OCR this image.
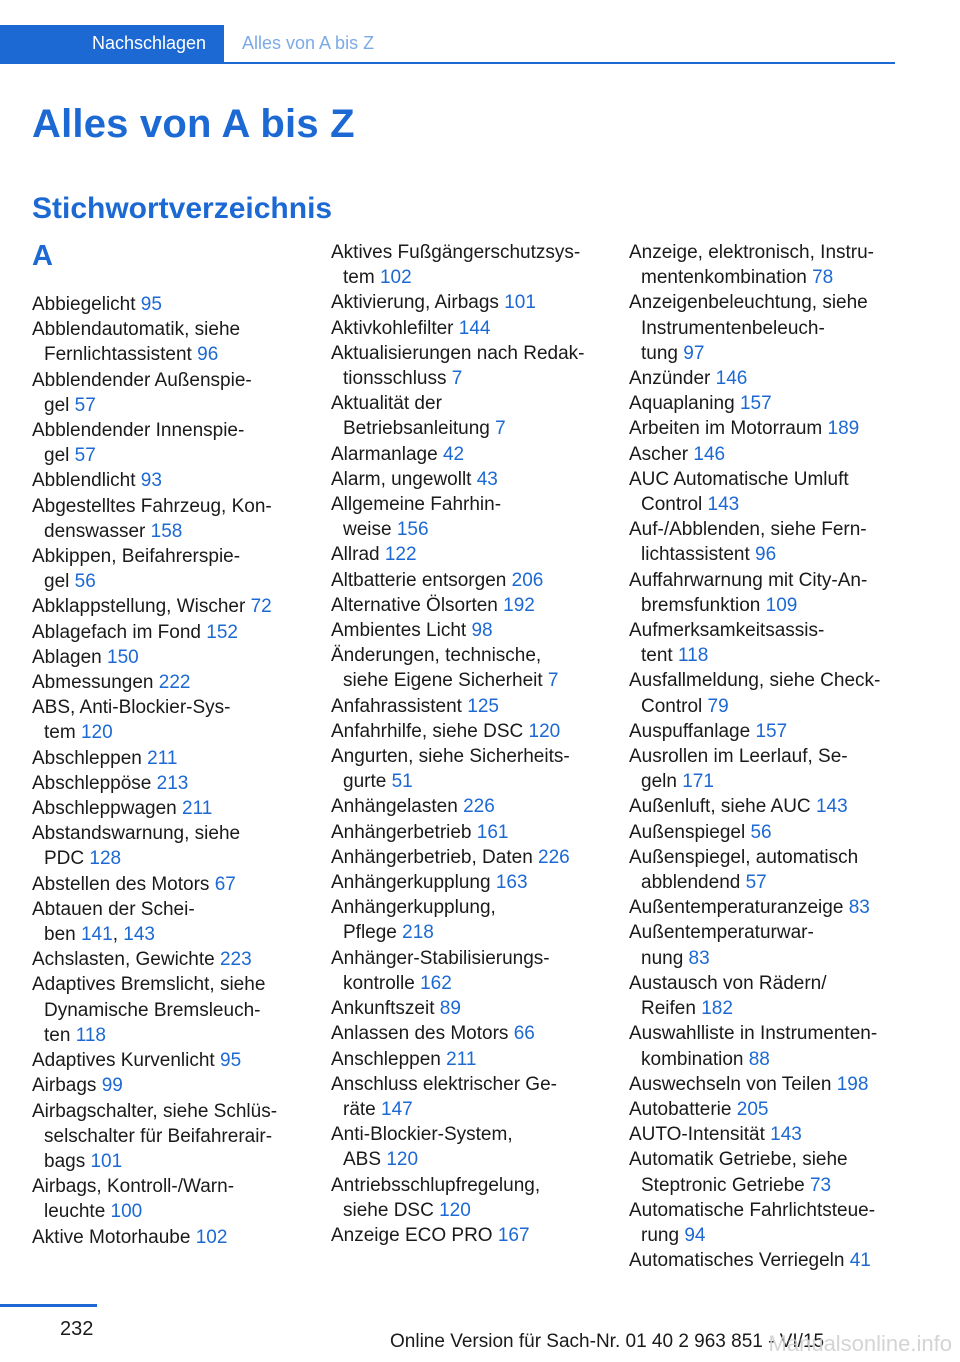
Nachschlagen Alles von A bis Z
Alles von A bis Z
Stichwortverzeichnis
A
Abbiegelicht 95
Abblendautomatik, siehe
Fernlichtassistent 96
Abblendender Außenspie-
gel 57
Abblendender Innenspie-
gel 57
Abblendlicht 93
Abgestelltes Fahrzeug, Kon-
denswasser 158
Abkippen, Beifahrerspie-
gel 56
Abklappstellung, Wischer 72
Ablagefach im Fond 152
Ablagen 150
Abmessungen 222
ABS, Anti-Blockier-Sys-
tem 120
Abschleppen 211
Abschleppöse 213
Abschleppwagen 211
Abstandswarnung, siehe
PDC 128
Abstellen des Motors 67
Abtauen der Schei-
ben 141, 143
Achslasten, Gewichte 223
Adaptives Bremslicht, siehe
Dynamische Bremsleuch-
ten 118
Adaptives Kurvenlicht 95
Airbags 99
Airbagschalter, siehe Schlüs-
selschalter für Beifahrerair-
bags 101
Airbags, Kontroll-/Warn-
leuchte 100
Aktive Motorhaube 102
Aktives Fußgängerschutzsys-
tem 102
Aktivierung, Airbags 101
Aktivkohlefilter 144
Aktualisierungen nach Redak-
tionsschluss 7
Aktualität der
Betriebsanleitung 7
Alarmanlage 42
Alarm, ungewollt 43
Allgemeine Fahrhin-
weise 156
Allrad 122
Altbatterie entsorgen 206
Alternative Ölsorten 192
Ambientes Licht 98
Änderungen, technische,
siehe Eigene Sicherheit 7
Anfahrassistent 125
Anfahrhilfe, siehe DSC 120
Angurten, siehe Sicherheits-
gurte 51
Anhängelasten 226
Anhängerbetrieb 161
Anhängerbetrieb, Daten 226
Anhängerkupplung 163
Anhängerkupplung,
Pflege 218
Anhänger-Stabilisierungs-
kontrolle 162
Ankunftszeit 89
Anlassen des Motors 66
Anschleppen 211
Anschluss elektrischer Ge-
räte 147
Anti-Blockier-System,
ABS 120
Antriebsschlupfregelung,
siehe DSC 120
Anzeige ECO PRO 167
Anzeige, elektronisch, Instru-
mentenkombination 78
Anzeigenbeleuchtung, siehe
Instrumentenbeleuch-
tung 97
Anzünder 146
Aquaplaning 157
Arbeiten im Motorraum 189
Ascher 146
AUC Automatische Umluft
Control 143
Auf-/Abblenden, siehe Fern-
lichtassistent 96
Auffahrwarnung mit City-An-
bremsfunktion 109
Aufmerksamkeitsassis-
tent 118
Ausfallmeldung, siehe Check-
Control 79
Auspuffanlage 157
Ausrollen im Leerlauf, Se-
geln 171
Außenluft, siehe AUC 143
Außenspiegel 56
Außenspiegel, automatisch
abblendend 57
Außentemperaturanzeige 83
Außentemperaturwar-
nung 83
Austausch von Rädern/
Reifen 182
Auswahlliste in Instrumenten-
kombination 88
Auswechseln von Teilen 198
Autobatterie 205
AUTO-Intensität 143
Automatik Getriebe, siehe
Steptronic Getriebe 73
Automatische Fahrlichtsteue-
rung 94
Automatisches Verriegeln 41
232
Online Version für Sach-Nr. 01 40 2 963 851 - VI/15
Manualsonline.info
